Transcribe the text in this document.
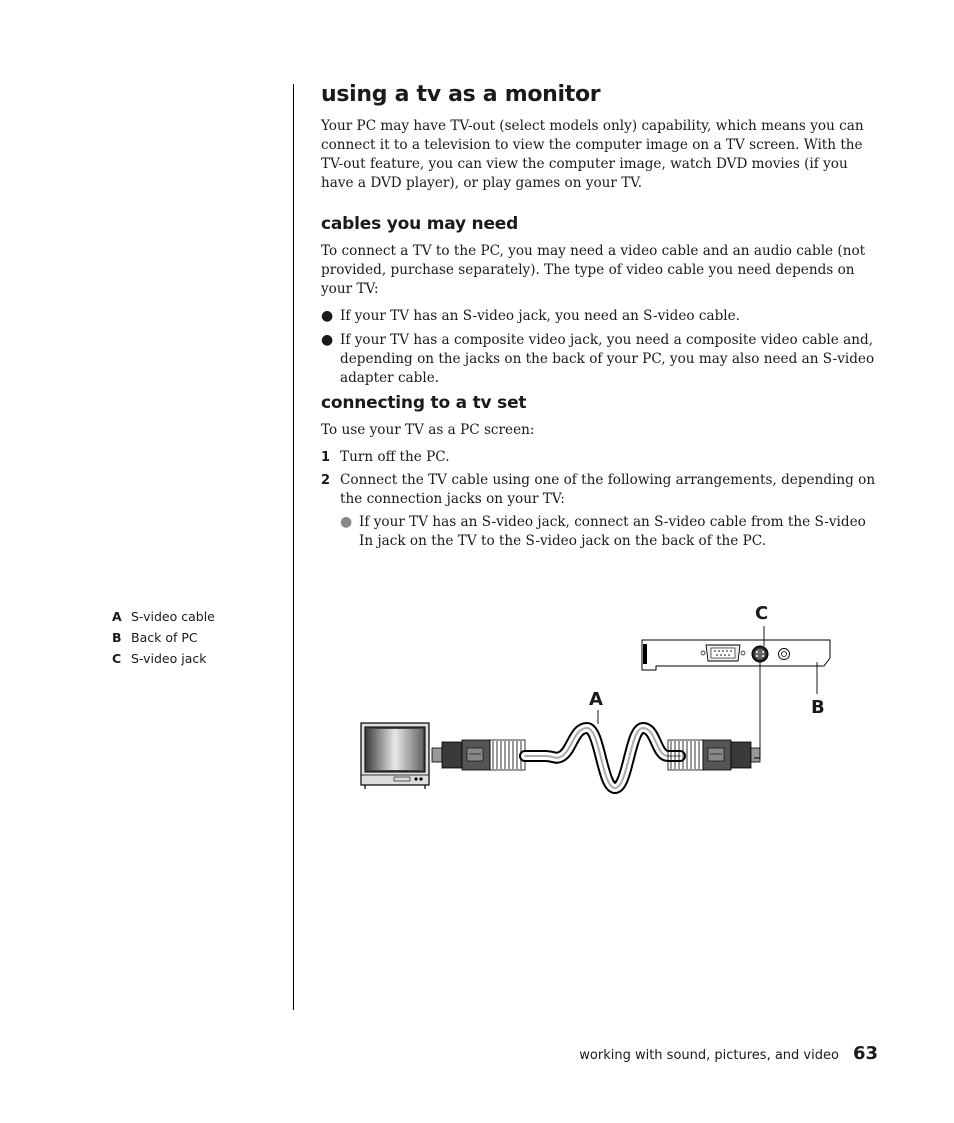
using a tv as a monitor

Your PC may have TV-out (select models only) capability, which means you can connect it to a television to view the computer image on a TV screen. With the TV-out feature, you can view the computer image, watch DVD movies (if you have a DVD player), or play games on your TV.

cables you may need

To connect a TV to the PC, you may need a video cable and an audio cable (not provided, purchase separately). The type of video cable you need depends on your TV:

● If your TV has an S-video jack, you need an S-video cable.
● If your TV has a composite video jack, you need a composite video cable and, depending on the jacks on the back of your PC, you may also need an S-video adapter cable.
connecting to a tv set

To use your TV as a PC screen:

1 Turn off the PC.
2 Connect the TV cable using one of the following arrangements, depending on the connection jacks on your TV:
● If your TV has an S-video jack, connect an S-video cable from the S-video In jack on the TV to the S-video jack on the back of the PC.
A S-video cable
B Back of PC
C S-video jack
A	B
C
working with sound, pictures, and video 63
